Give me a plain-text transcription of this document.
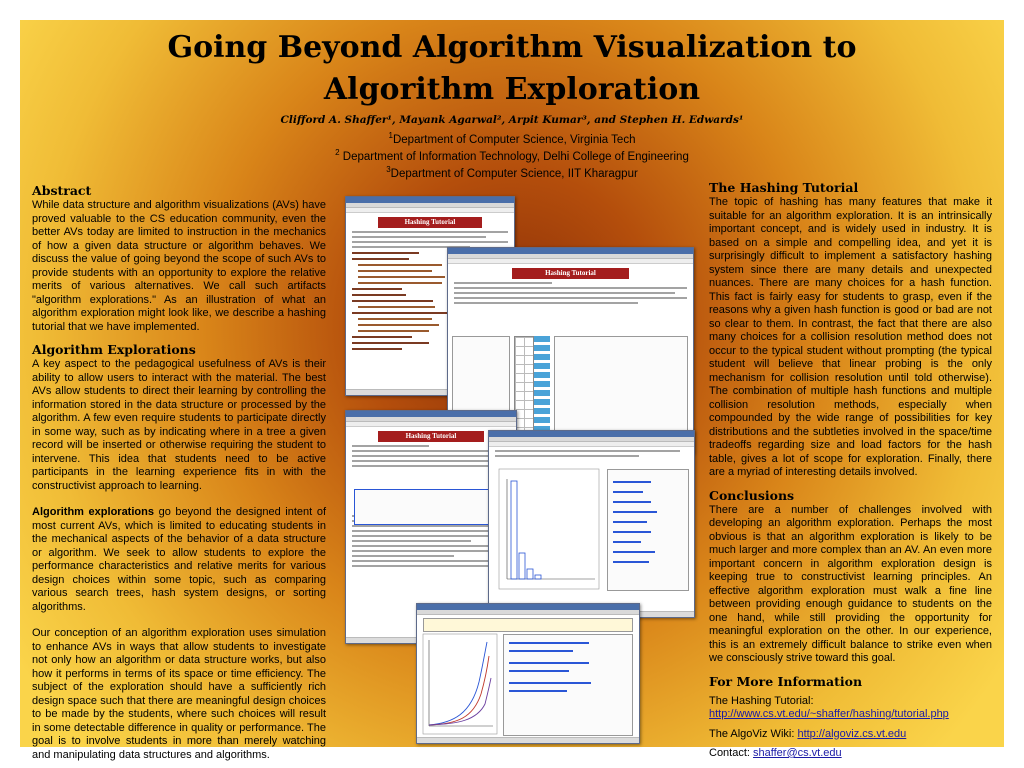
Going Beyond Algorithm Visualization to
Algorithm Exploration
Clifford A. Shaffer¹, Mayank Agarwal², Arpit Kumar³, and Stephen H. Edwards¹
$^1$Department of Computer Science, Virginia Tech
$^2$ Department of Information Technology, Delhi College of Engineering
$^3$Department of Computer Science, IIT Kharagpur
Abstract

While data structure and algorithm visualizations (AVs) have proved valuable to the CS education community, even the better AVs today are limited to instruction in the mechanics of how a given data structure or algorithm behaves. We discuss the value of going beyond the scope of such AVs to provide students with an opportunity to explore the relative merits of various alternatives. We call such artifacts "algorithm explorations." As an illustration of what an algorithm exploration might look like, we describe a hashing tutorial that we have implemented.

Algorithm Explorations

A key aspect to the pedagogical usefulness of AVs is their ability to allow users to interact with the material. The best AVs allow students to direct their learning by controlling the information stored in the data structure or processed by the algorithm. A few even require students to participate directly in some way, such as by indicating where in a tree a given record will be inserted or otherwise requiring the student to intervene. This idea that students need to be active participants in the learning experience fits in with the constructivist approach to learning.

Algorithm explorations go beyond the designed intent of most current AVs, which is limited to educating students in the mechanical aspects of the behavior of a data structure or algorithm. We seek to allow students to explore the performance characteristics and relative merits for various design choices within some topic, such as comparing various search trees, hash system designs, or sorting algorithms.

Our conception of an algorithm exploration uses simulation to enhance AVs in ways that allow students to investigate not only how an algorithm or data structure works, but also how it performs in terms of its space or time efficiency. The subject of the exploration should have a sufficiently rich design space such that there are meaningful design choices to be made by the students, where such choices will result in some detectable difference in quality or performance. The goal is to involve students in more than merely watching and manipulating data structures and algorithms.

The Hashing Tutorial

The topic of hashing has many features that make it suitable for an algorithm exploration. It is an intrinsically important concept, and is widely used in industry. It is based on a simple and compelling idea, and yet it is surprisingly difficult to implement a satisfactory hashing system since there are many details and unexpected nuances. There are many choices for a hash function. This fact is fairly easy for students to grasp, even if the reasons why a given hash function is good or bad are not so clear to them. In contrast, the fact that there are also many choices for a collision resolution method does not occur to the typical student without prompting (the typical student will believe that linear probing is the only mechanism for collision resolution until told otherwise). The combination of multiple hash functions and multiple collision resolution methods, especially when compounded by the wide range of possibilities for key distributions and the subtleties involved in the space/time tradeoffs regarding size and load factors for the hash table, gives a lot of scope for exploration. Finally, there are a myriad of interesting details involved.

Conclusions

There are a number of challenges involved with developing an algorithm exploration. Perhaps the most obvious is that an algorithm exploration is likely to be much larger and more complex than an AV. An even more important concern in algorithm exploration design is keeping true to constructivist learning principles. An effective algorithm exploration must walk a fine line between providing enough guidance to students on the one hand, while still providing the opportunity for meaningful exploration on the other. In our experience, this is an extremely difficult balance to strike even when we consciously strive toward this goal.

For More Information

The Hashing Tutorial:
http://www.cs.vt.edu/~shaffer/hashing/tutorial.php

The AlgoViz Wiki: http://algoviz.cs.vt.edu

Contact: shaffer@cs.vt.edu

Hashing Tutorial
Hashing Tutorial
Hashing Tutorial
